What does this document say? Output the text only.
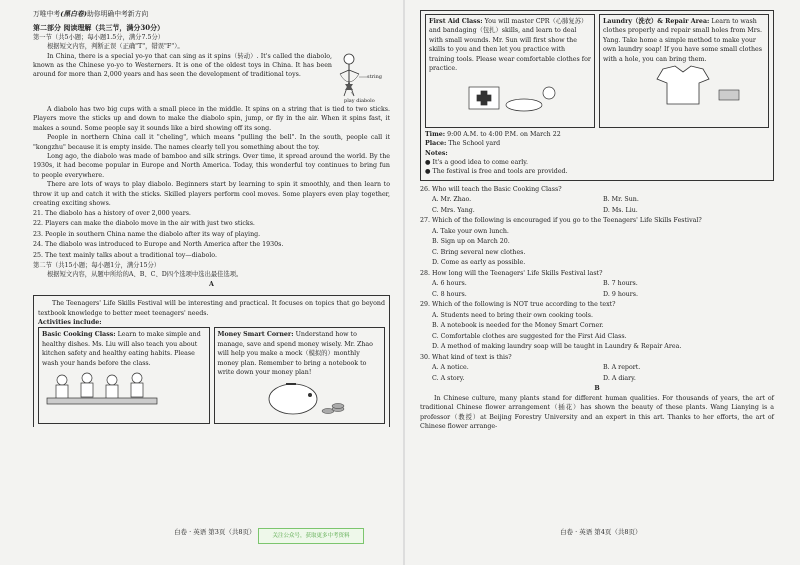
万唯中考(黑白卷)助你明确中考新方向

第二部分 阅读理解（共三节，满分30分）

第一节（共5小题；每小题1.5分，满分7.5分）

根据短文内容，判断正误（正确"T"，错误"F"）。

In China, there is a special yo-yo that can sing as it spins（转动）. It's called the diabolo, known as the Chinese yo-yo to Westerners. It is one of the oldest toys in China. It has been around for more than 2,000 years and has seen the development of traditional toys.	string
play diabolo

A diabolo has two big cups with a small piece in the middle. It spins on a string that is tied to two sticks. Players move the sticks up and down to make the diabolo spin, jump, or fly in the air. When it spins fast, it makes a sound. Some people say it sounds like a bird showing off its song.

People in northern China call it "cheling", which means "pulling the bell". In the south, people call it "kongzhu" because it is empty inside. The names clearly tell you something about the toy.

Long ago, the diabolo was made of bamboo and silk strings. Over time, it spread around the world. By the 1930s, it had become popular in Europe and North America. Today, this wonderful toy continues to bring fun to people everywhere.

There are lots of ways to play diabolo. Beginners start by learning to spin it smoothly, and then learn to throw it up and catch it with the sticks. Skilled players perform cool moves. Some players even play together, creating exciting shows.

21. The diabolo has a history of over 2,000 years.
22. Players can make the diabolo move in the air with just two sticks.
23. People in southern China name the diabolo after its way of playing.
24. The diabolo was introduced to Europe and North America after the 1930s.
25. The text mainly talks about a traditional toy—diabolo.

第二节（共15小题；每小题1分，满分15分）

根据短文内容，从题中所给的A、B、C、D四个选项中选出最佳选项。

A

The Teenagers' Life Skills Festival will be interesting and practical. It focuses on topics that go beyond textbook knowledge to better meet teenagers' needs.

Activities include:

Basic Cooking Class: Learn to make simple and healthy dishes. Ms. Liu will also teach you about kitchen safety and healthy eating habits. Please wash your hands before the class.
Money Smart Corner: Understand how to manage, save and spend money wisely. Mr. Zhao will help you make a mock（模拟的）monthly money plan. Remember to bring a notebook to write down your money plan!
白卷 · 英语 第3页（共8页）	关注公众号，获取更多中考资料
First Aid Class: You will master CPR（心肺复苏）and bandaging（包扎）skills, and learn to deal with small wounds. Mr. Sun will first show the skills to you and then let you practice with training tools. Please wear comfortable clothes for practice.
Laundry（洗衣）& Repair Area: Learn to wash clothes properly and repair small holes from Mrs. Yang. Take home a simple method to make your own laundry soap! If you have some small clothes with a hole, you can bring them.

Time: 9:00 A.M. to 4:00 P.M. on March 22

Place: The School yard

Notes:

● It's a good idea to come early.

● The festival is free and tools are provided.

26. Who will teach the Basic Cooking Class?
A. Mr. Zhao.	B. Mr. Sun.
C. Mrs. Yang.	D. Ms. Liu.
27. Which of the following is encouraged if you go to the Teenagers' Life Skills Festival?
A. Take your own lunch.
B. Sign up on March 20.
C. Bring several new clothes.
D. Come as early as possible.
28. How long will the Teenagers' Life Skills Festival last?
A. 6 hours.	B. 7 hours.
C. 8 hours.	D. 9 hours.
29. Which of the following is NOT true according to the text?
A. Students need to bring their own cooking tools.
B. A notebook is needed for the Money Smart Corner.
C. Comfortable clothes are suggested for the First Aid Class.
D. A method of making laundry soap will be taught in Laundry & Repair Area.
30. What kind of text is this?
A. A notice.	B. A report.
C. A story.	D. A diary.

B

In Chinese culture, many plants stand for different human qualities. For thousands of years, the art of traditional Chinese flower arrangement（插花）has shown the beauty of these plants. Wang Lianying is a professor（教授）at Beijing Forestry University and an expert in this art. Thanks to her efforts, the art of Chinese flower arrange-

白卷 · 英语 第4页（共8页）
